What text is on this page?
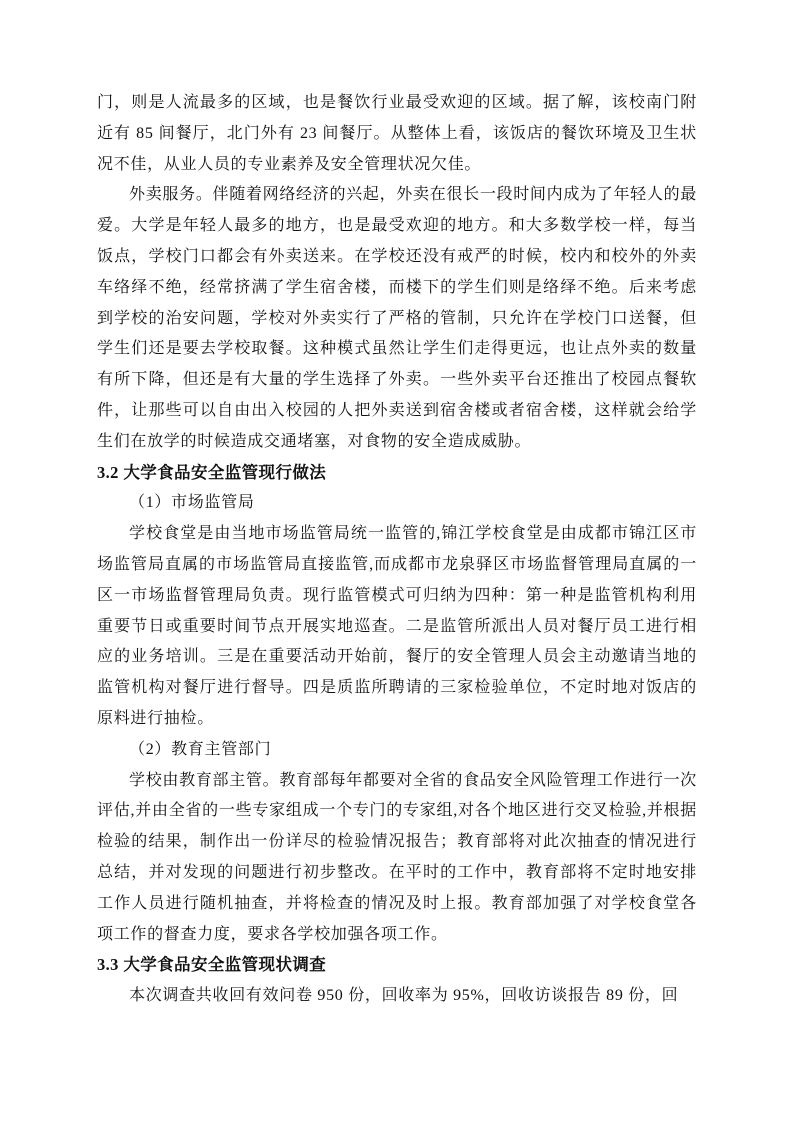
门，则是人流最多的区域，也是餐饮行业最受欢迎的区域。据了解，该校南门附近有 85 间餐厅，北门外有 23 间餐厅。从整体上看，该饭店的餐饮环境及卫生状况不佳，从业人员的专业素养及安全管理状况欠佳。

外卖服务。伴随着网络经济的兴起，外卖在很长一段时间内成为了年轻人的最爱。大学是年轻人最多的地方，也是最受欢迎的地方。和大多数学校一样，每当饭点，学校门口都会有外卖送来。在学校还没有戒严的时候，校内和校外的外卖车络绎不绝，经常挤满了学生宿舍楼，而楼下的学生们则是络绎不绝。后来考虑到学校的治安问题，学校对外卖实行了严格的管制，只允许在学校门口送餐，但学生们还是要去学校取餐。这种模式虽然让学生们走得更远，也让点外卖的数量有所下降，但还是有大量的学生选择了外卖。一些外卖平台还推出了校园点餐软件，让那些可以自由出入校园的人把外卖送到宿舍楼或者宿舍楼，这样就会给学生们在放学的时候造成交通堵塞，对食物的安全造成威胁。

3.2 大学食品安全监管现行做法

（1）市场监管局

学校食堂是由当地市场监管局统一监管的,锦江学校食堂是由成都市锦江区市场监管局直属的市场监管局直接监管,而成都市龙泉驿区市场监督管理局直属的一区一市场监督管理局负责。现行监管模式可归纳为四种：第一种是监管机构利用重要节日或重要时间节点开展实地巡查。二是监管所派出人员对餐厅员工进行相应的业务培训。三是在重要活动开始前，餐厅的安全管理人员会主动邀请当地的监管机构对餐厅进行督导。四是质监所聘请的三家检验单位，不定时地对饭店的原料进行抽检。

（2）教育主管部门

学校由教育部主管。教育部每年都要对全省的食品安全风险管理工作进行一次评估,并由全省的一些专家组成一个专门的专家组,对各个地区进行交叉检验,并根据检验的结果，制作出一份详尽的检验情况报告；教育部将对此次抽查的情况进行总结，并对发现的问题进行初步整改。在平时的工作中，教育部将不定时地安排工作人员进行随机抽查，并将检查的情况及时上报。教育部加强了对学校食堂各项工作的督查力度，要求各学校加强各项工作。

3.3 大学食品安全监管现状调查

本次调查共收回有效问卷 950 份，回收率为 95%，回收访谈报告 89 份，回
